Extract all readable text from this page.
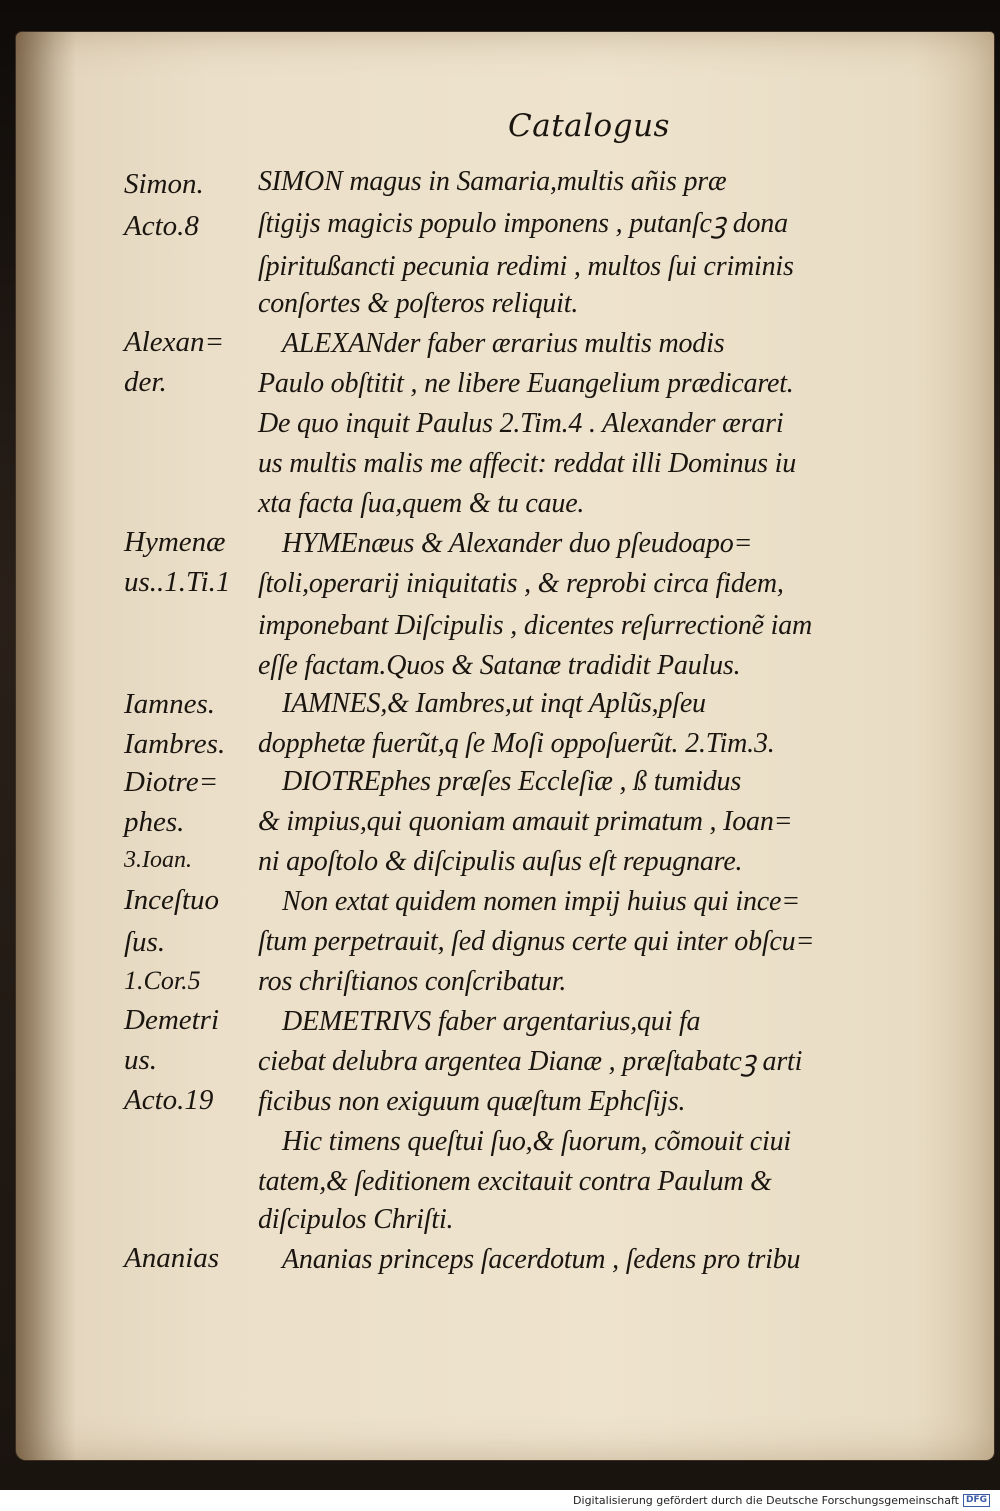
Catalogus
Simon.
Acto.8
SIMON magus in Samaria,multis añis præ
ſtigijs magicis populo imponens , putanſcꝫ dona
ſpiritußancti pecunia redimi , multos ſui criminis
conſortes & poſteros reliquit.
Alexan=
der.
ALEXANder faber ærarius multis modis
Paulo obſtitit , ne libere Euangelium prædicaret.
De quo inquit Paulus 2.Tim.4 . Alexander ærari
us multis malis me affecit: reddat illi Dominus iu
xta facta ſua,quem & tu caue.
Hymenæ
us..1.Ti.1
HYMEnæus & Alexander duo pſeudoapo=
ſtoli,operarij iniquitatis , & reprobi circa fidem,
imponebant Diſcipulis , dicentes reſurrectionẽ iam
eſſe factam.Quos & Satanæ tradidit Paulus.
Iamnes.
Iambres.
IAMNES,& Iambres,ut inqt Aplũs,pſeu
dopphetæ fuerũt,q ſe Moſi oppoſuerũt. 2.Tim.3.
Diotre=
phes.
3.Ioan.
DIOTREphes præſes Eccleſiæ , ß tumidus
& impius,qui quoniam amauit primatum , Ioan=
ni apoſtolo & diſcipulis auſus eſt repugnare.
Inceſtuo
ſus.
1.Cor.5
Non extat quidem nomen impij huius qui ince=
ſtum perpetrauit, ſed dignus certe qui inter obſcu=
ros chriſtianos conſcribatur.
Demetri
us.
Acto.19
DEMETRIVS faber argentarius,qui fa
ciebat delubra argentea Dianæ , præſtabatcꝫ arti
ficibus non exiguum quæſtum Ephcſijs.
Hic timens queſtui ſuo,& ſuorum, cõmouit ciui
tatem,& ſeditionem excitauit contra Paulum &
diſcipulos Chriſti.
Ananias Ananias princeps ſacerdotum , ſedens pro tribu
Digitalisierung gefördert durch die Deutsche Forschungsgemeinschaft DFG
